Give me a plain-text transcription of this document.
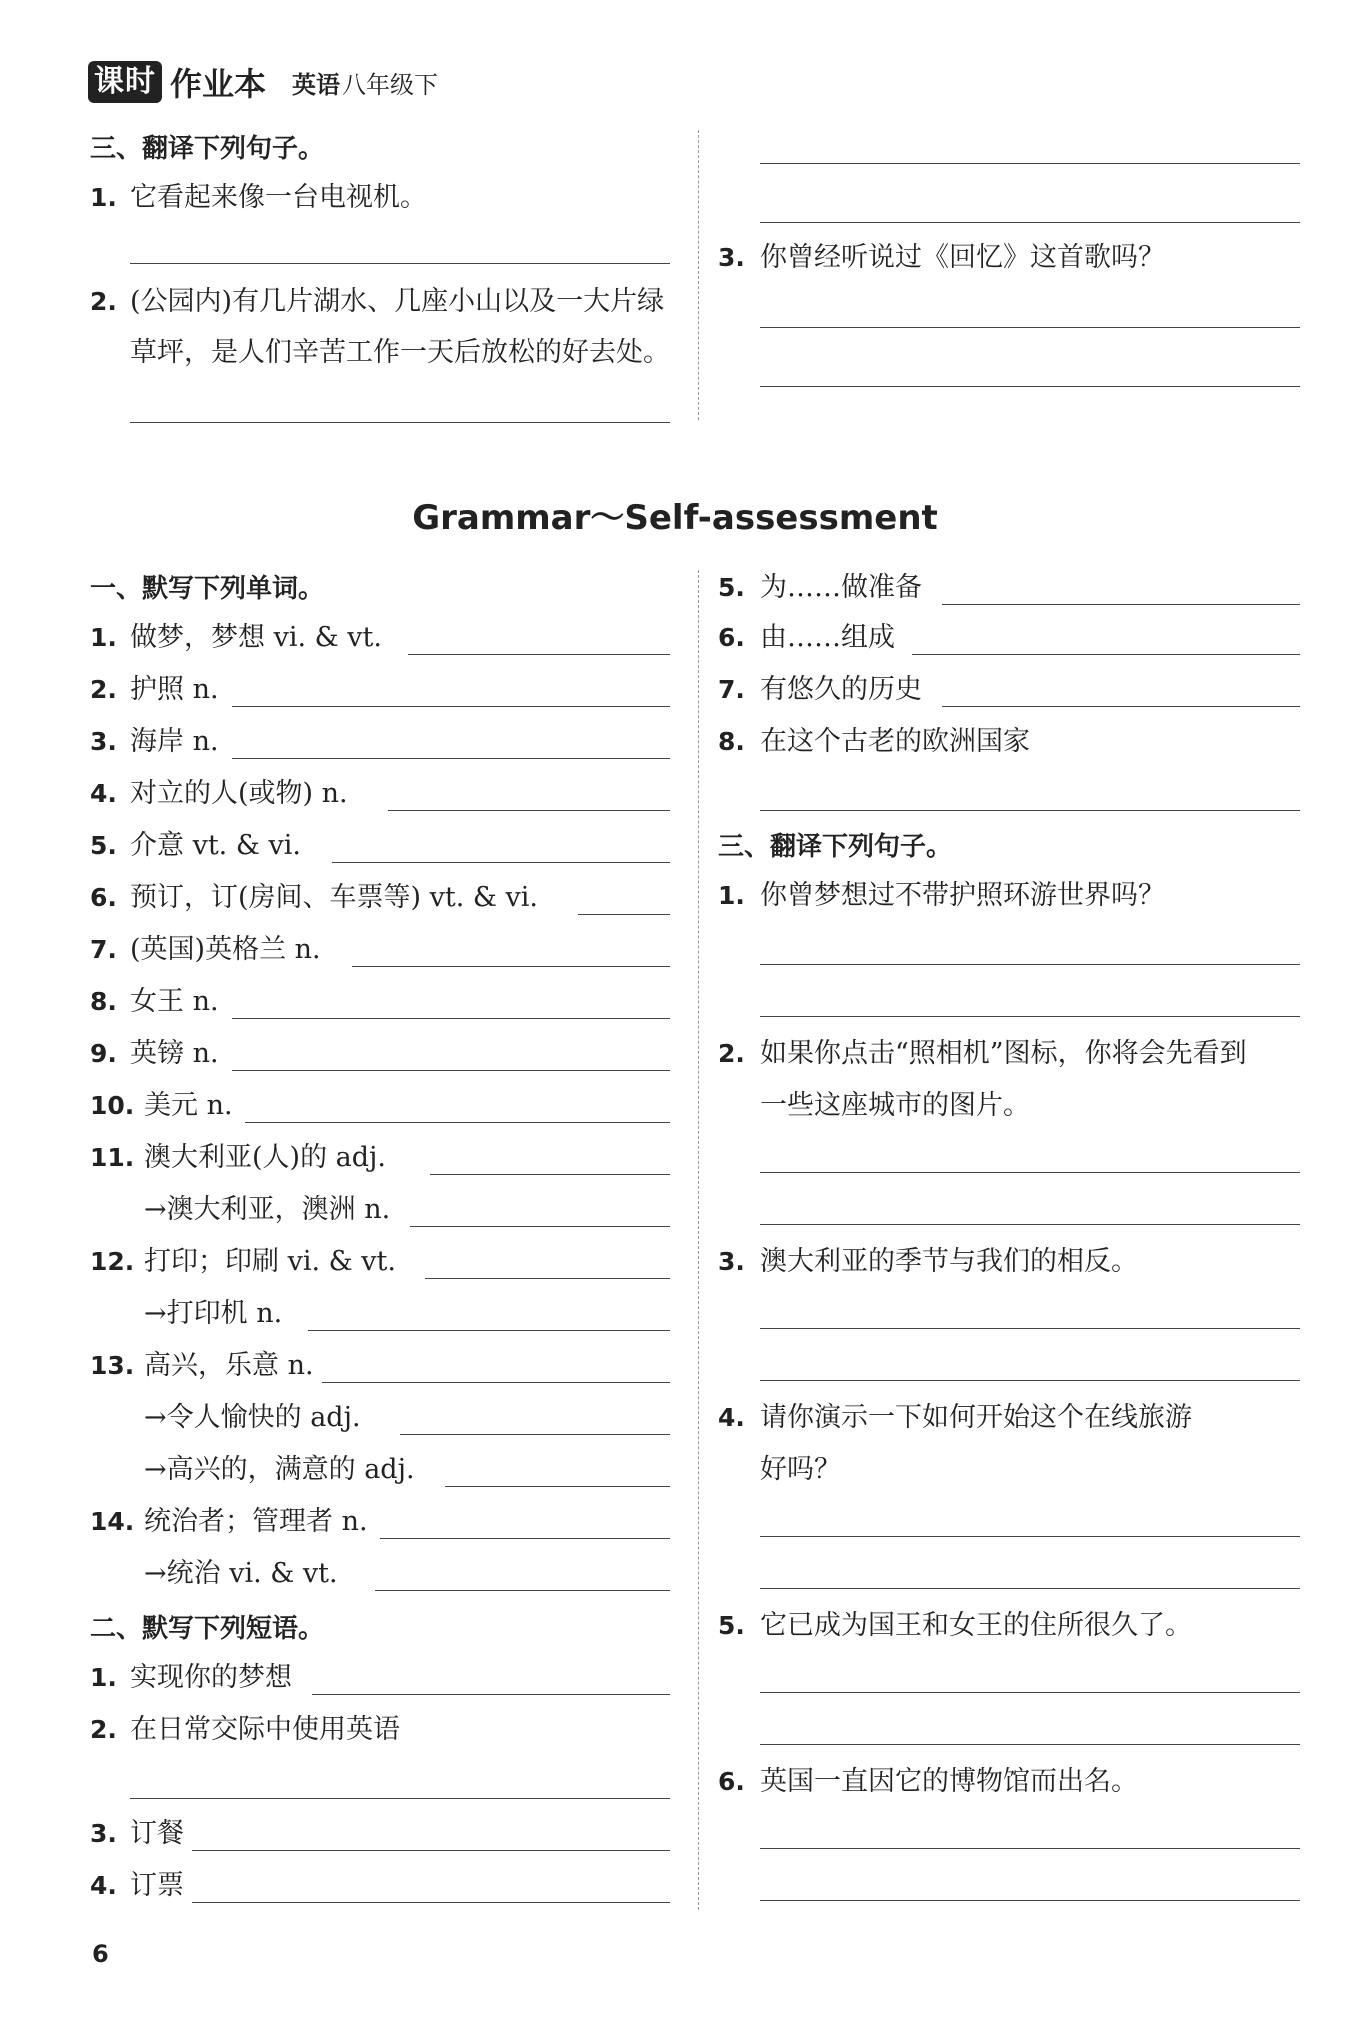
课时 作业本 英语 八年级下
三、翻译下列句子。
1. 它看起来像一台电视机。
2. (公园内)有几片湖水、几座小山以及一大片绿
草坪，是人们辛苦工作一天后放松的好去处。
3. 你曾经听说过《回忆》这首歌吗？
Grammar～Self-assessment
一、默写下列单词。
1. 做梦，梦想 vi. & vt.
2. 护照 n.
3. 海岸 n.
4. 对立的人(或物) n.
5. 介意 vt. & vi.
6. 预订，订(房间、车票等) vt. & vi.
7. (英国)英格兰 n.
8. 女王 n.
9. 英镑 n.
10. 美元 n.
11. 澳大利亚(人)的 adj.
→澳大利亚，澳洲 n.
12. 打印；印刷 vi. & vt.
→打印机 n.
13. 高兴，乐意 n.
→令人愉快的 adj.
→高兴的，满意的 adj.
14. 统治者；管理者 n.
→统治 vi. & vt.
二、默写下列短语。
1. 实现你的梦想
2. 在日常交际中使用英语
3. 订餐
4. 订票
5. 为……做准备
6. 由……组成
7. 有悠久的历史
8. 在这个古老的欧洲国家
三、翻译下列句子。
1. 你曾梦想过不带护照环游世界吗？
2. 如果你点击“照相机”图标，你将会先看到
一些这座城市的图片。
3. 澳大利亚的季节与我们的相反。
4. 请你演示一下如何开始这个在线旅游
好吗？
5. 它已成为国王和女王的住所很久了。
6. 英国一直因它的博物馆而出名。
6
